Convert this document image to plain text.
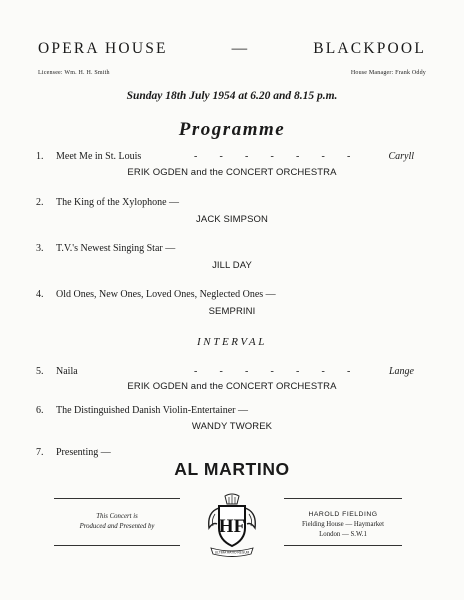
OPERA HOUSE	—	BLACKPOOL
Licensee: Wm. H. H. Smith	House Manager: Frank Oddy
Sunday 18th July 1954 at 6.20 and 8.15 p.m.
Programme
1.	Meet Me in St. Louis	- - - - - - -	Caryll
ERIK OGDEN and the CONCERT ORCHESTRA
2.	The King of the Xylophone —
JACK SIMPSON
3.	T.V.'s Newest Singing Star —
JILL DAY
4.	Old Ones, New Ones, Loved Ones, Neglected Ones —
SEMPRINI
INTERVAL
5.	Naila	- - - - - - -	Lange
ERIK OGDEN and the CONCERT ORCHESTRA
6.	The Distinguished Danish Violin-Entertainer —
WANDY TWOREK
7.	Presenting —
AL MARTINO
This Concert is
Produced and Presented by	HF
ULTIMA RATIO REGUM
HAROLD FIELDING
Fielding House — Haymarket
London — S.W.1
